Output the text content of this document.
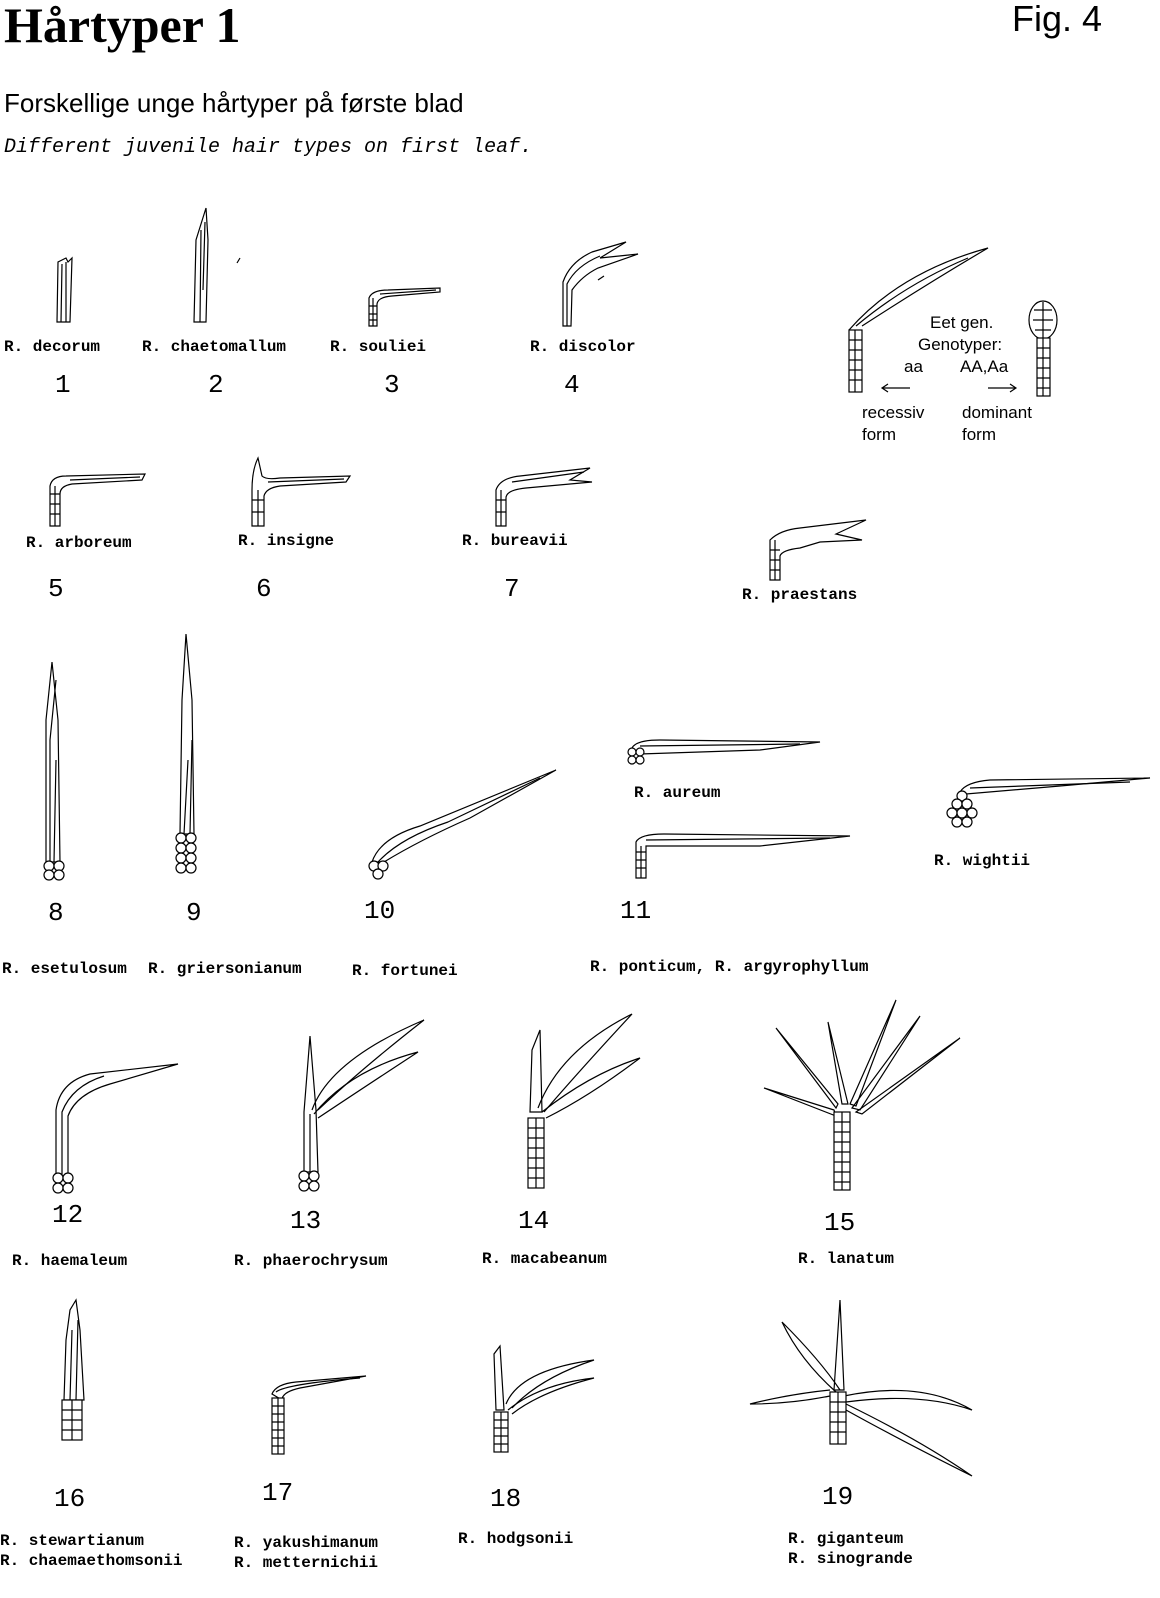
Hårtyper 1	Fig. 4
Forskellige unge hårtyper på første blad
Different juvenile hair types on first leaf.
Eet gen.
Genotyper:
aa AA,Aa
recessiv
form
dominant
form
R. decorum	R. chaetomallum	R. souliei	R. discolor
R. arboreum	R. insigne	R. bureavii
R. praestans
R. aureum
R. wightii
R. esetulosum R. griersonianum	R. fortunei	R. ponticum, R. argyrophyllum
R. haemaleum	R. phaerochrysum	R. macabeanum	R. lanatum
R. stewartianum
R. chaemaethomsonii
R. yakushimanum
R. metternichii
R. hodgsonii	R. giganteum
R. sinogrande
1	2	3	4
5	6	7
8	9	10	11
12	13	14	15
16	17	18	19
